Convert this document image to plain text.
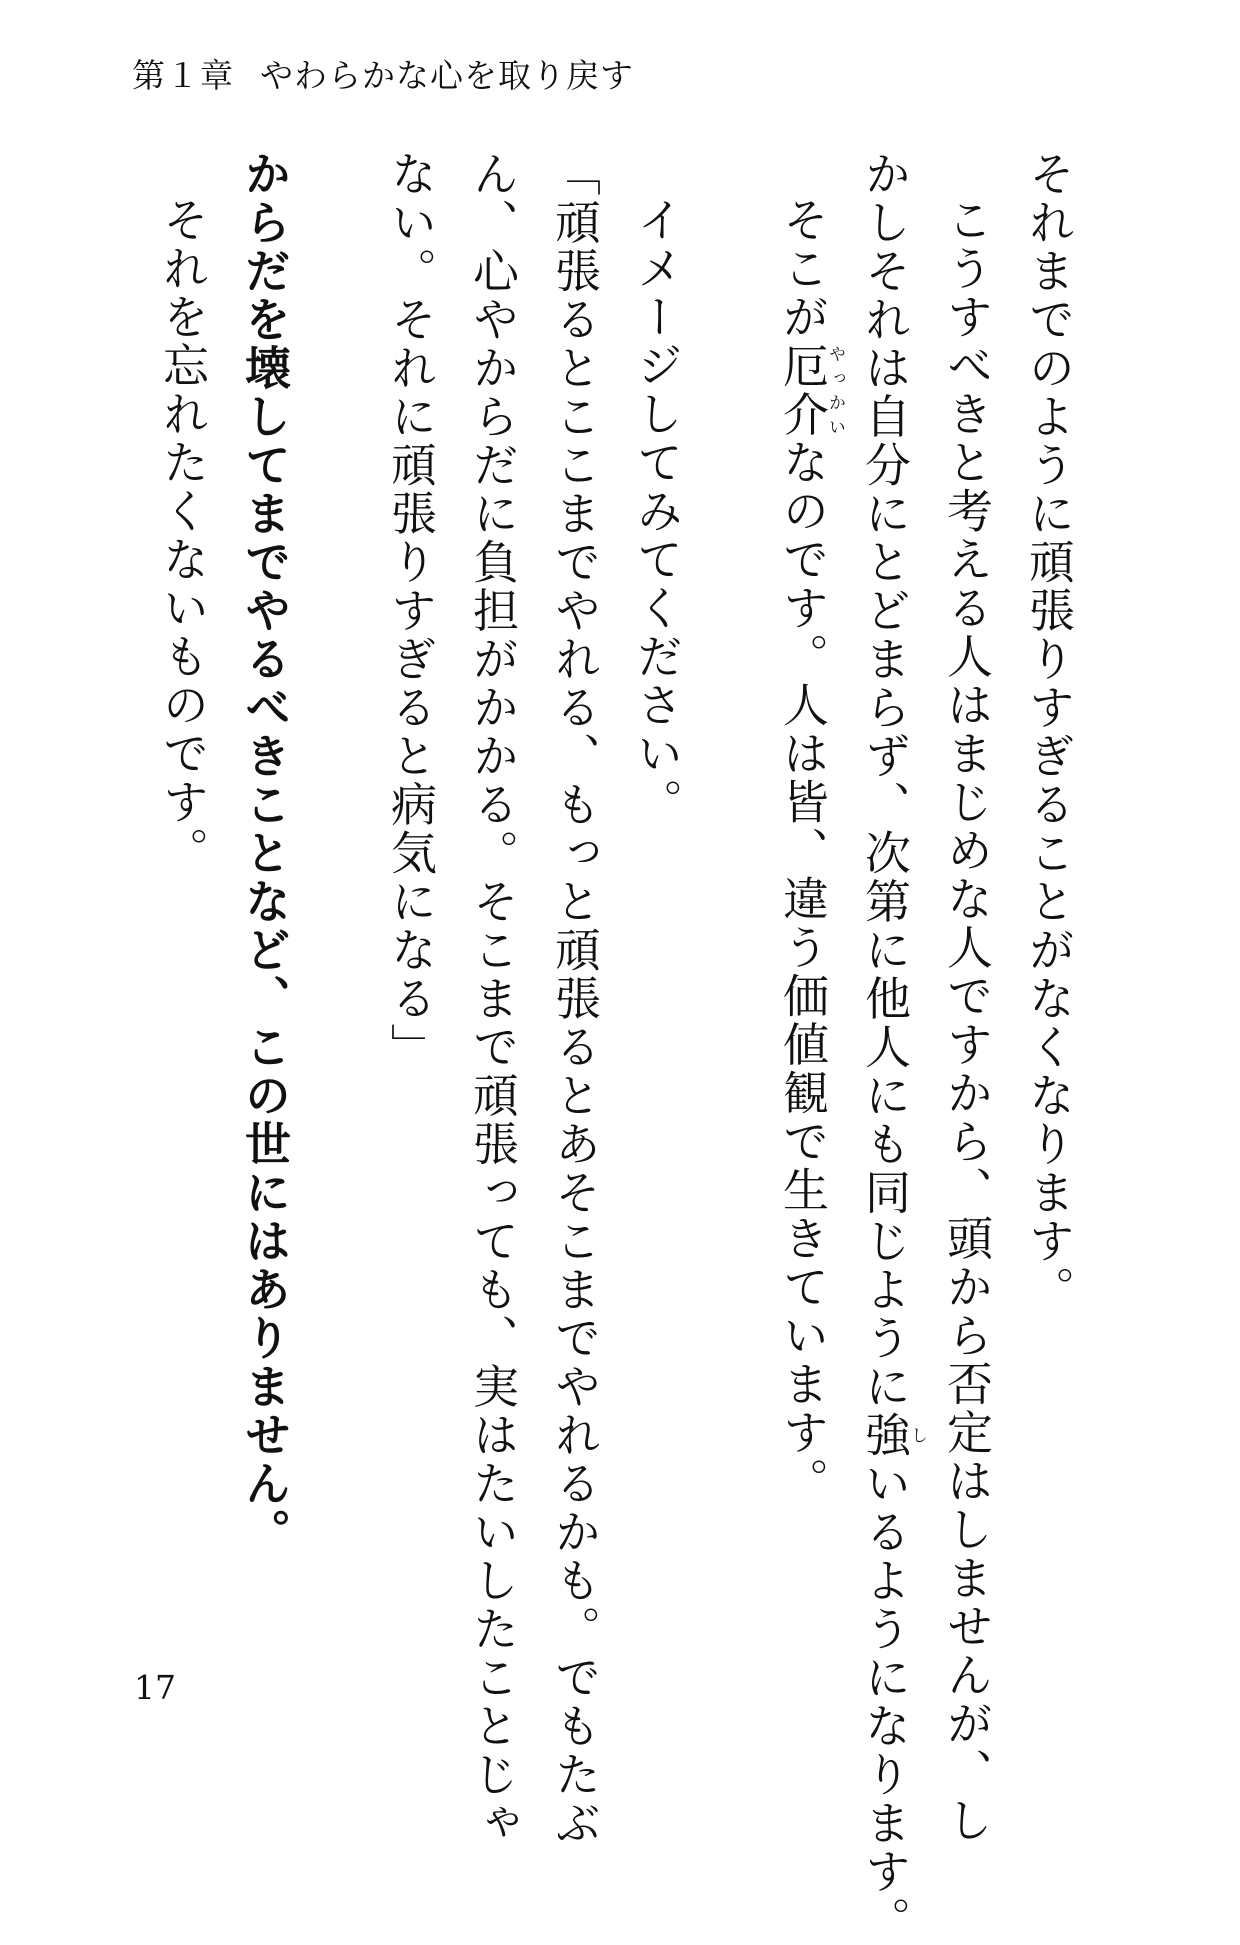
第１章 やわらかな心を取り戻す

それまでのように頑張りすぎることがなくなります。

こうすべきと考える人はまじめな人ですから、頭から否定はしませんが、し
かしそれは自分にとどまらず、次第に他人にも同じように強しいるようになります。

そこが厄介やっかいなのです。人は皆、違う価値観で生きています。

イメージしてみてください。

「頑張るとここまでやれる、もっと頑張るとあそこまでやれるかも。でもたぶ
ん、心やからだに負担がかかる。そこまで頑張っても、実はたいしたことじゃ
ない。それに頑張りすぎると病気になる」

からだを壊してまでやるべきことなど、この世にはありません。

それを忘れたくないものです。

17
